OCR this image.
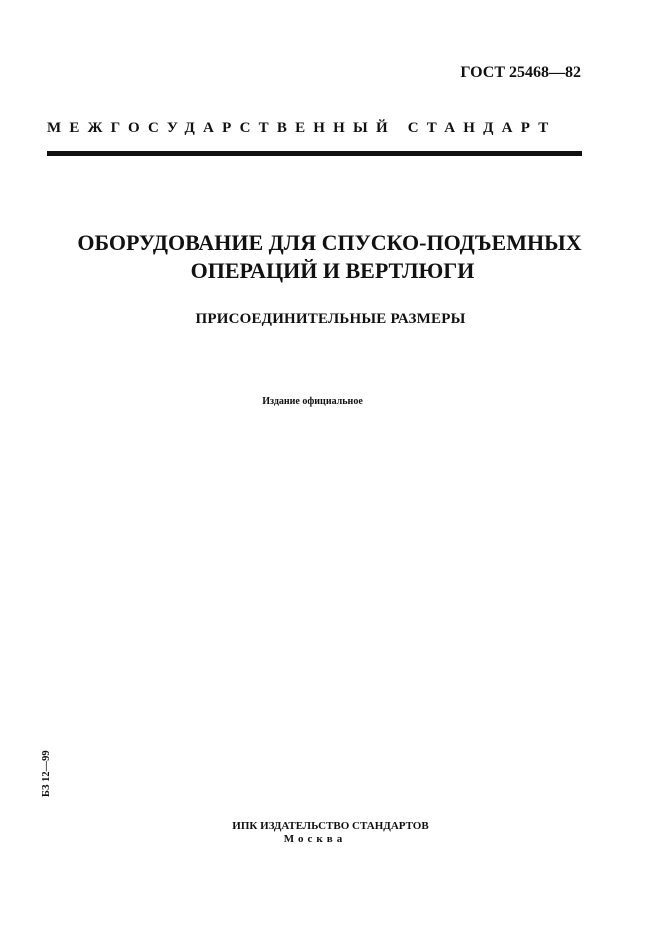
ГОСТ 25468—82
МЕЖГОСУДАРСТВЕННЫЙ СТАНДАРТ
ОБОРУДОВАНИЕ ДЛЯ СПУСКО-ПОДЪЕМНЫХ
ОПЕРАЦИЙ И ВЕРТЛЮГИ
ПРИСОЕДИНИТЕЛЬНЫЕ РАЗМЕРЫ
Издание официальное
БЗ 12—99
ИПК ИЗДАТЕЛЬСТВО СТАНДАРТОВ
Москва
